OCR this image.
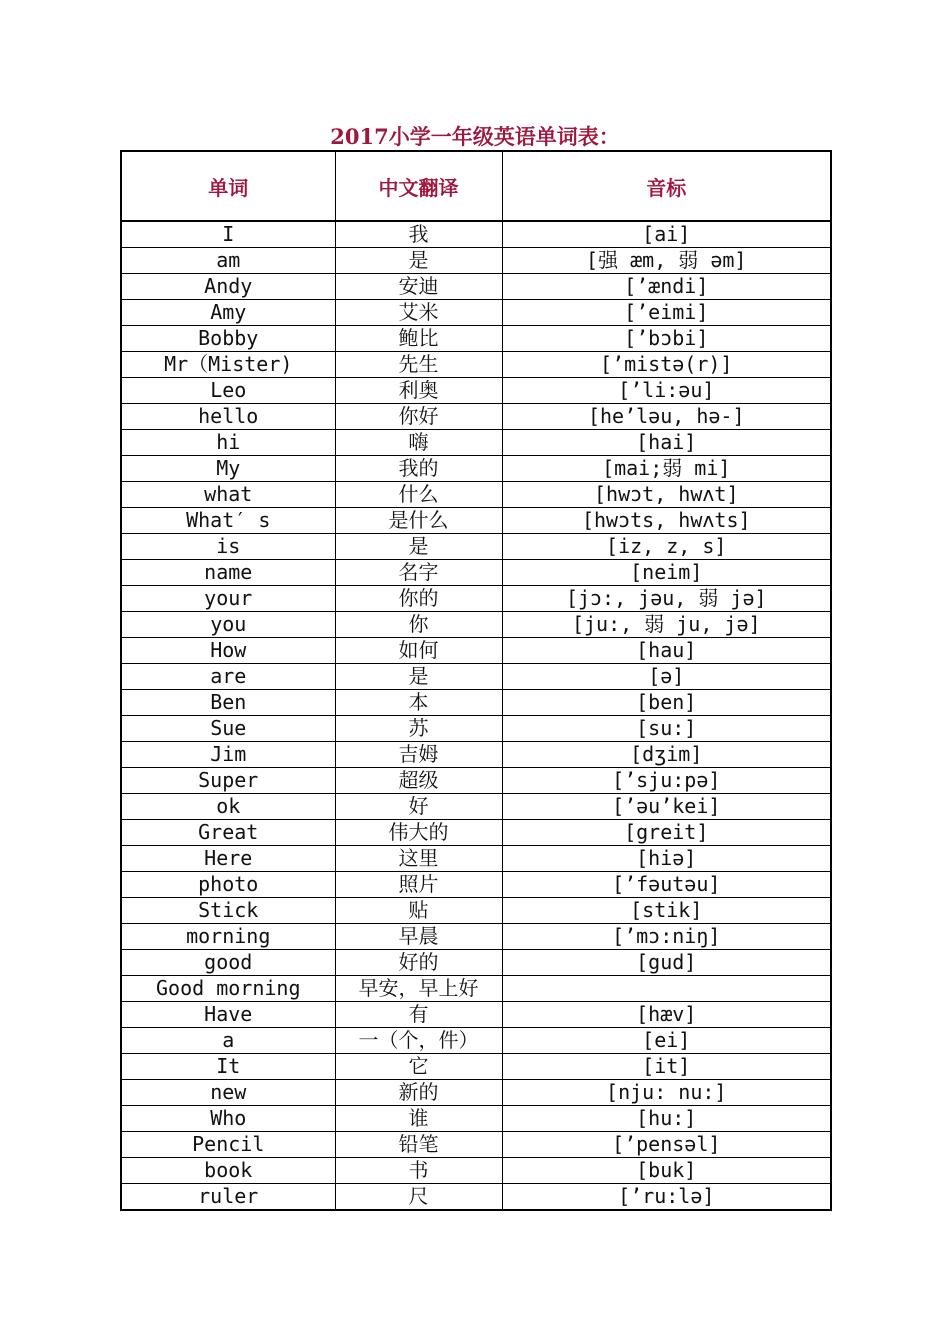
2017小学一年级英语单词表：
单词	中文翻译	音标
I	我	[ai]
am	是	[强 æm, 弱 əm]
Andy	安迪	[’ændi]
Amy	艾米	[’eimi]
Bobby	鲍比	[’bɔbi]
Mr（Mister)	先生	[’mistə(r)]
Leo	利奥	[’li:əu]
hello	你好	[he’ləu, hə-]
hi	嗨	[hai]
My	我的	[mai;弱 mi]
what	什么	[hwɔt, hwʌt]
What′ s	是什么	[hwɔts, hwʌts]
is	是	[iz, z, s]
name	名字	[neim]
your	你的	[jɔ:, jəu, 弱 jə]
you	你	[ju:, 弱 ju, jə]
How	如何	[hau]
are	是	[ə]
Ben	本	[ben]
Sue	苏	[su:]
Jim	吉姆	[dʒim]
Super	超级	[’sju:pə]
ok	好	[’əu’kei]
Great	伟大的	[greit]
Here	这里	[hiə]
photo	照片	[’fəutəu]
Stick	贴	[stik]
morning	早晨	[’mɔ:niŋ]
good	好的	[gud]
Good morning	早安，早上好	
Have	有	[hæv]
a	一（个，件）	[ei]
It	它	[it]
new	新的	[nju: nu:]
Who	谁	[hu:]
Pencil	铅笔	[’pensəl]
book	书	[buk]
ruler	尺	[’ru:lə]
